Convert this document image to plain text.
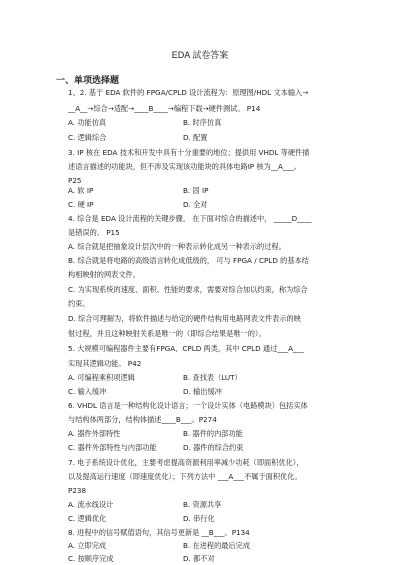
EDA 試卷答案
一、单项选择题
1、2. 基于 EDA 软件的 FPGA/CPLD 设计流程为：原理图/HDL 文本输入→
__A__→综合→适配→____B____→编程下载→硬件测试。 P14
A. 功能仿真	B. 时序仿真
C. 逻辑综合	D. 配置
3. IP 核在 EDA 技术和开发中具有十分重要的地位；提供用 VHDL 等硬件描
述语言描述的功能块，但不涉及实现该功能块的具体电路IP 核为__A___。
P25
A. 软 IP	B. 固 IP
C. 硬 IP	D. 全对
4. 综合是 EDA 设计流程的关键步骤， 在下面对综合的描述中， _____D____
是错误的。 P15
A. 综合就是把抽象设计层次中的一种表示转化成另一种表示的过程。
B. 综合就是将电路的高级语言转化成低级的， 可与 FPGA / CPLD 的基本结
构相映射的网表文件。
C. 为实现系统的速度、面积、性能的要求，需要对综合加以约束，称为综合
约束。
D. 综合可理解为，将软件描述与给定的硬件结构用电路网表文件表示的映
射过程，并且这种映射关系是唯一的（即综合结果是唯一的）。
5. 大规模可编程器件主要有FPGA、CPLD 两类，其中 CPLD 通过___A___
实现其逻辑功能。 P42
A. 可编程乘积项逻辑	B. 查找表（LUT）
C. 输入缓冲	D. 输出缓冲
6. VHDL 语言是一种结构化设计语言；一个设计实体（电路模块）包括实体
与结构体两部分，结构体描述____B___。P274
A. 器件外部特性	B. 器件的内部功能
C. 器件外部特性与内部功能	D. 器件的综合约束
7. 电子系统设计优化，主要考虑提高资源利用率减少功耗（即面积优化），
以及提高运行速度（即速度优化）；下列方法中 ___A___不属于面积优化。
P238
A. 流水线设计	B. 资源共享
C. 逻辑优化	D. 串行化
8. 进程中的信号赋值语句，其信号更新是 __B___。P134
A. 立即完成	B. 在进程的最后完成
C. 按顺序完成	D. 都不对
